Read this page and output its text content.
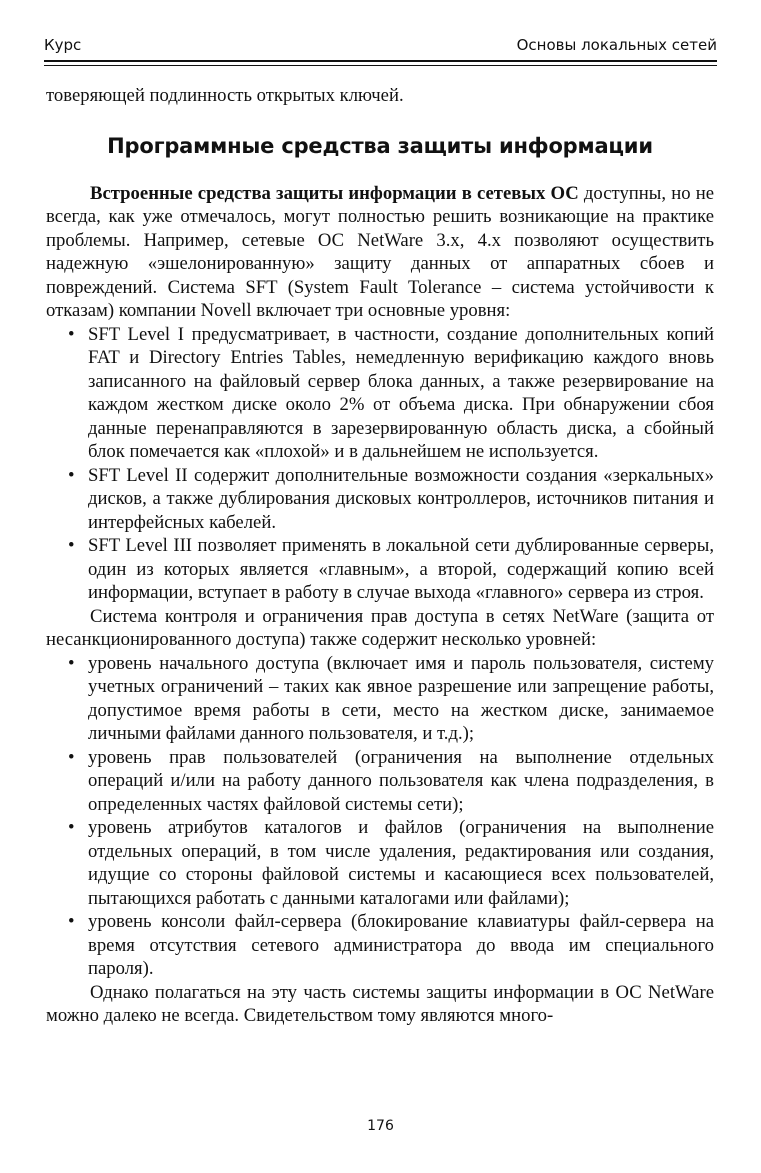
Курс	Основы локальных сетей

товеряющей подлинность открытых ключей.

Программные средства защиты информации

Встроенные средства защиты информации в сетевых ОС доступны, но не всегда, как уже отмечалось, могут полностью решить возникающие на практике проблемы. Например, сетевые ОС NetWare 3.x, 4.x позволяют осуществить надежную «эшелонированную» защиту данных от аппаратных сбоев и повреждений. Система SFT (System Fault Tolerance – система устойчивости к отказам) компании Novell включает три основные уровня:

• SFT Level I предусматривает, в частности, создание дополнительных копий FAT и Directory Entries Tables, немедленную верификацию каждого вновь записанного на файловый сервер блока данных, а также резервирование на каждом жестком диске около 2% от объема диска. При обнаружении сбоя данные перенаправляются в зарезервированную область диска, а сбойный блок помечается как «плохой» и в дальнейшем не используется.
• SFT Level II содержит дополнительные возможности создания «зеркальных» дисков, а также дублирования дисковых контроллеров, источников питания и интерфейсных кабелей.
• SFT Level III позволяет применять в локальной сети дублированные серверы, один из которых является «главным», а второй, содержащий копию всей информации, вступает в работу в случае выхода «главного» сервера из строя.

Система контроля и ограничения прав доступа в сетях NetWare (защита от несанкционированного доступа) также содержит несколько уровней:

• уровень начального доступа (включает имя и пароль пользователя, систему учетных ограничений – таких как явное разрешение или запрещение работы, допустимое время работы в сети, место на жестком диске, занимаемое личными файлами данного пользователя, и т.д.);
• уровень прав пользователей (ограничения на выполнение отдельных операций и/или на работу данного пользователя как члена подразделения, в определенных частях файловой системы сети);
• уровень атрибутов каталогов и файлов (ограничения на выполнение отдельных операций, в том числе удаления, редактирования или создания, идущие со стороны файловой системы и касающиеся всех пользователей, пытающихся работать с данными каталогами или файлами);
• уровень консоли файл-сервера (блокирование клавиатуры файл-сервера на время отсутствия сетевого администратора до ввода им специального пароля).

Однако полагаться на эту часть системы защиты информации в ОС NetWare можно далеко не всегда. Свидетельством тому являются много-

176
